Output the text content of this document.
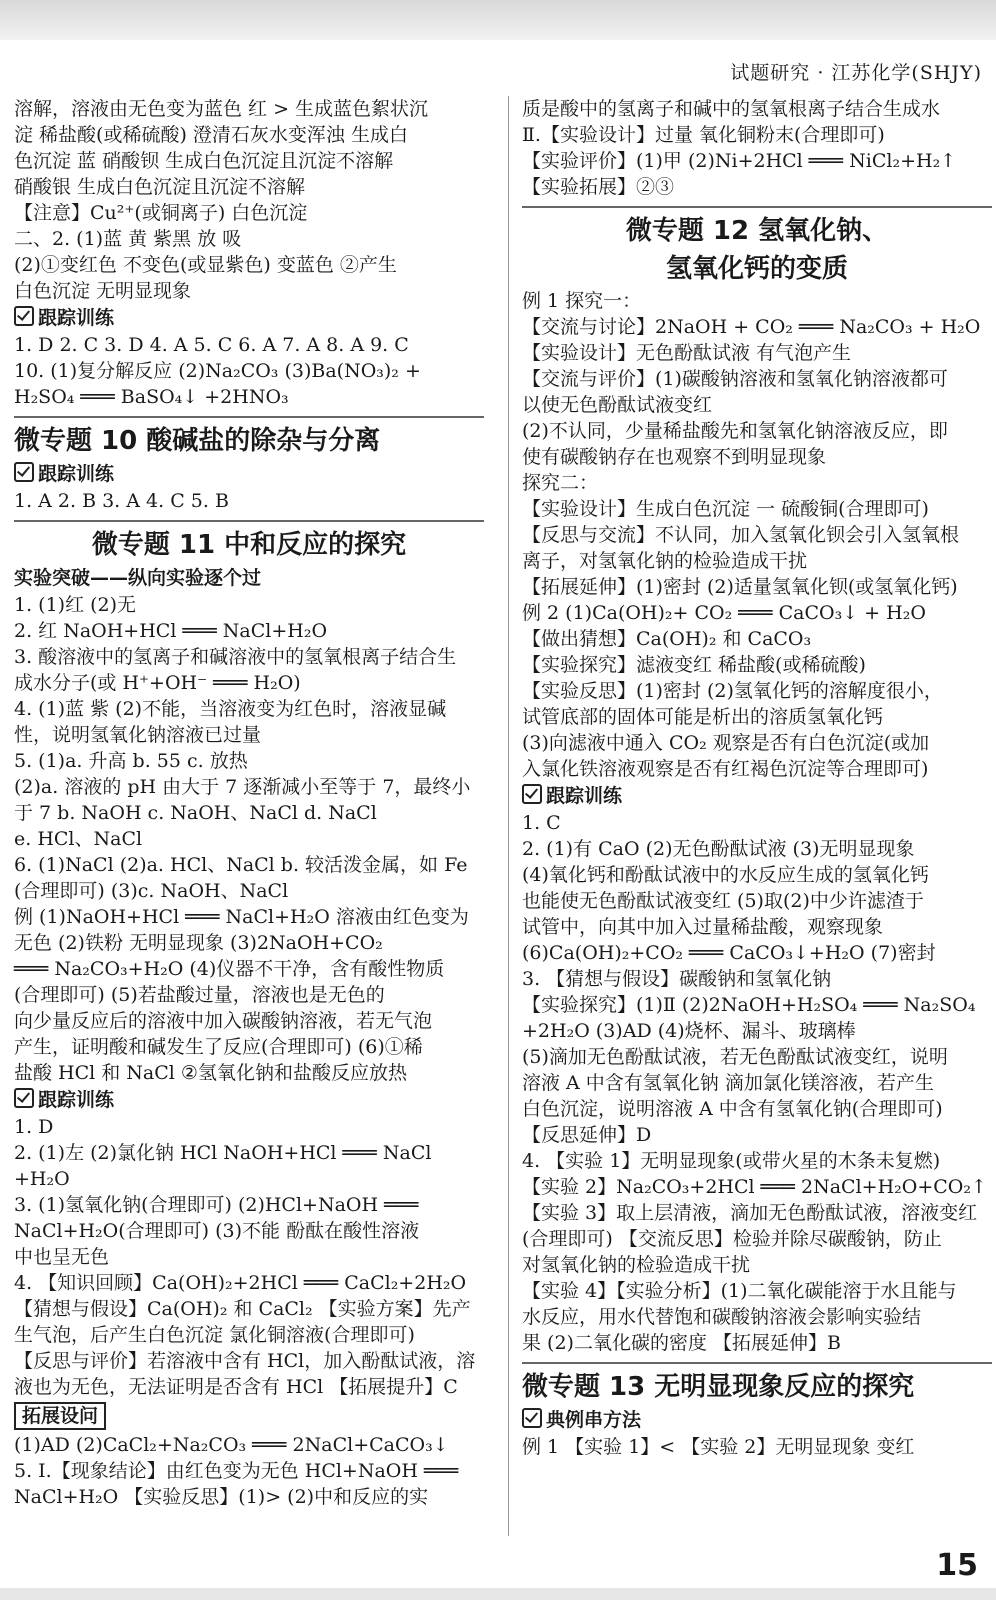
试题研究 · 江苏化学(SHJY)
溶解，溶液由无色变为蓝色 红 > 生成蓝色絮状沉
淀 稀盐酸(或稀硫酸) 澄清石灰水变浑浊 生成白
色沉淀 蓝 硝酸钡 生成白色沉淀且沉淀不溶解
硝酸银 生成白色沉淀且沉淀不溶解
【注意】Cu²⁺(或铜离子) 白色沉淀
二、2. (1)蓝 黄 紫黑 放 吸
(2)①变红色 不变色(或显紫色) 变蓝色 ②产生
白色沉淀 无明显现象
跟踪训练
1. D 2. C 3. D 4. A 5. C 6. A 7. A 8. A 9. C
10. (1)复分解反应 (2)Na₂CO₃ (3)Ba(NO₃)₂ +
H₂SO₄ ═══ BaSO₄↓ +2HNO₃
微专题 10 酸碱盐的除杂与分离
跟踪训练
1. A 2. B 3. A 4. C 5. B
微专题 11 中和反应的探究
实验突破——纵向实验逐个过
1. (1)红 (2)无
2. 红 NaOH+HCl ═══ NaCl+H₂O
3. 酸溶液中的氢离子和碱溶液中的氢氧根离子结合生
成水分子(或 H⁺+OH⁻ ═══ H₂O)
4. (1)蓝 紫 (2)不能，当溶液变为红色时，溶液显碱
性，说明氢氧化钠溶液已过量
5. (1)a. 升高 b. 55 c. 放热
(2)a. 溶液的 pH 由大于 7 逐渐减小至等于 7，最终小
于 7 b. NaOH c. NaOH、NaCl d. NaCl
e. HCl、NaCl
6. (1)NaCl (2)a. HCl、NaCl b. 较活泼金属，如 Fe
(合理即可) (3)c. NaOH、NaCl
例 (1)NaOH+HCl ═══ NaCl+H₂O 溶液由红色变为
无色 (2)铁粉 无明显现象 (3)2NaOH+CO₂
═══ Na₂CO₃+H₂O (4)仪器不干净，含有酸性物质
(合理即可) (5)若盐酸过量，溶液也是无色的
向少量反应后的溶液中加入碳酸钠溶液，若无气泡
产生，证明酸和碱发生了反应(合理即可) (6)①稀
盐酸 HCl 和 NaCl ②氢氧化钠和盐酸反应放热
跟踪训练
1. D
2. (1)左 (2)氯化钠 HCl NaOH+HCl ═══ NaCl
+H₂O
3. (1)氢氧化钠(合理即可) (2)HCl+NaOH ═══
NaCl+H₂O(合理即可) (3)不能 酚酞在酸性溶液
中也呈无色
4. 【知识回顾】Ca(OH)₂+2HCl ═══ CaCl₂+2H₂O
【猜想与假设】Ca(OH)₂ 和 CaCl₂ 【实验方案】先产
生气泡，后产生白色沉淀 氯化铜溶液(合理即可)
【反思与评价】若溶液中含有 HCl，加入酚酞试液，溶
液也为无色，无法证明是否含有 HCl 【拓展提升】C
拓展设问
(1)AD (2)CaCl₂+Na₂CO₃ ═══ 2NaCl+CaCO₃↓
5. Ⅰ.【现象结论】由红色变为无色 HCl+NaOH ═══
NaCl+H₂O 【实验反思】(1)> (2)中和反应的实
质是酸中的氢离子和碱中的氢氧根离子结合生成水
Ⅱ.【实验设计】过量 氧化铜粉末(合理即可)
【实验评价】(1)甲 (2)Ni+2HCl ═══ NiCl₂+H₂↑
【实验拓展】②③
微专题 12 氢氧化钠、
氢氧化钙的变质
例 1 探究一：
【交流与讨论】2NaOH + CO₂ ═══ Na₂CO₃ + H₂O
【实验设计】无色酚酞试液 有气泡产生
【交流与评价】(1)碳酸钠溶液和氢氧化钠溶液都可
以使无色酚酞试液变红
(2)不认同，少量稀盐酸先和氢氧化钠溶液反应，即
使有碳酸钠存在也观察不到明显现象
探究二：
【实验设计】生成白色沉淀 一 硫酸铜(合理即可)
【反思与交流】不认同，加入氢氧化钡会引入氢氧根
离子，对氢氧化钠的检验造成干扰
【拓展延伸】(1)密封 (2)适量氢氧化钡(或氢氧化钙)
例 2 (1)Ca(OH)₂+ CO₂ ═══ CaCO₃↓ + H₂O
【做出猜想】Ca(OH)₂ 和 CaCO₃
【实验探究】滤液变红 稀盐酸(或稀硫酸)
【实验反思】(1)密封 (2)氢氧化钙的溶解度很小，
试管底部的固体可能是析出的溶质氢氧化钙
(3)向滤液中通入 CO₂ 观察是否有白色沉淀(或加
入氯化铁溶液观察是否有红褐色沉淀等合理即可)
跟踪训练
1. C
2. (1)有 CaO (2)无色酚酞试液 (3)无明显现象
(4)氧化钙和酚酞试液中的水反应生成的氢氧化钙
也能使无色酚酞试液变红 (5)取(2)中少许滤渣于
试管中，向其中加入过量稀盐酸，观察现象
(6)Ca(OH)₂+CO₂ ═══ CaCO₃↓+H₂O (7)密封
3. 【猜想与假设】碳酸钠和氢氧化钠
【实验探究】(1)Ⅱ (2)2NaOH+H₂SO₄ ═══ Na₂SO₄
+2H₂O (3)AD (4)烧杯、漏斗、玻璃棒
(5)滴加无色酚酞试液，若无色酚酞试液变红，说明
溶液 A 中含有氢氧化钠 滴加氯化镁溶液，若产生
白色沉淀，说明溶液 A 中含有氢氧化钠(合理即可)
【反思延伸】D
4. 【实验 1】无明显现象(或带火星的木条未复燃)
【实验 2】Na₂CO₃+2HCl ═══ 2NaCl+H₂O+CO₂↑
【实验 3】取上层清液，滴加无色酚酞试液，溶液变红
(合理即可) 【交流反思】检验并除尽碳酸钠，防止
对氢氧化钠的检验造成干扰
【实验 4】【实验分析】(1)二氧化碳能溶于水且能与
水反应，用水代替饱和碳酸钠溶液会影响实验结
果 (2)二氧化碳的密度 【拓展延伸】B
微专题 13 无明显现象反应的探究
典例串方法
例 1 【实验 1】< 【实验 2】无明显现象 变红
15
